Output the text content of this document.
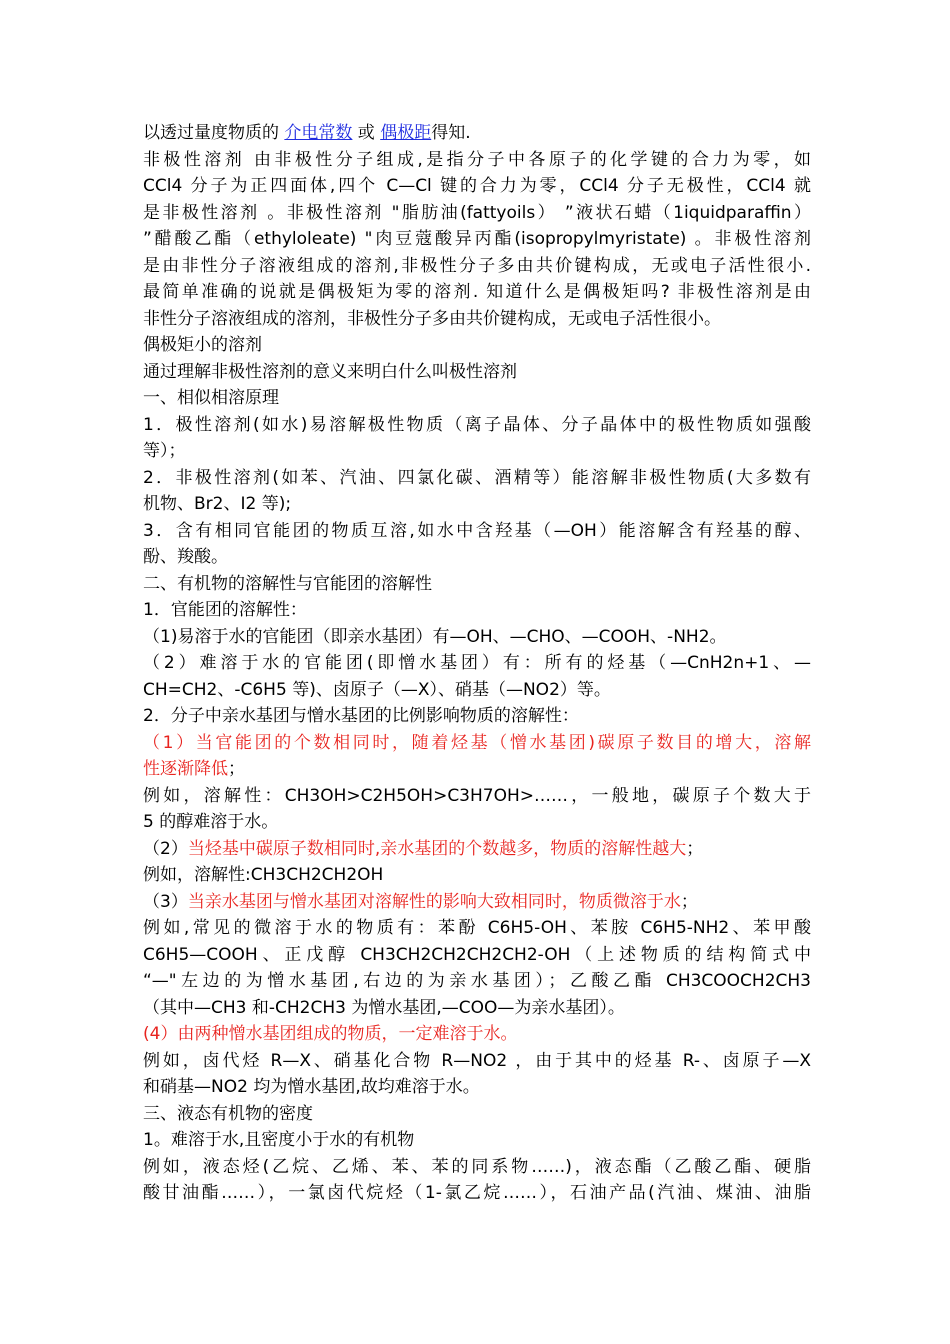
以透过量度物质的 介电常数 或 偶极距得知.
非极性溶剂 由非极性分子组成,是指分子中各原子的化学键的合力为零，如
CCl4 分子为正四面体,四个 C—Cl 键的合力为零，CCl4 分子无极性，CCl4 就
是非极性溶剂 。非极性溶剂 "脂肪油(fattyoils） ”液状石蜡（1iquidparaffin）
”醋酸乙酯（ethyloleate) "肉豆蔻酸异丙酯(isopropylmyristate) 。非极性溶剂
是由非性分子溶液组成的溶剂,非极性分子多由共价键构成，无或电子活性很小.
最简单准确的说就是偶极矩为零的溶剂. 知道什么是偶极矩吗? 非极性溶剂是由
非性分子溶液组成的溶剂，非极性分子多由共价键构成，无或电子活性很小。
偶极矩小的溶剂
通过理解非极性溶剂的意义来明白什么叫极性溶剂
一、相似相溶原理
1．极性溶剂(如水)易溶解极性物质（离子晶体、分子晶体中的极性物质如强酸
等）；
2．非极性溶剂(如苯、汽油、四氯化碳、酒精等）能溶解非极性物质(大多数有
机物、Br2、I2 等);
3．含有相同官能团的物质互溶,如水中含羟基（—OH）能溶解含有羟基的醇、
酚、羧酸。
二、有机物的溶解性与官能团的溶解性
1．官能团的溶解性：
（1)易溶于水的官能团（即亲水基团）有—OH、—CHO、—COOH、-NH2。
（2）难溶于水的官能团(即憎水基团）有：所有的烃基（—CnH2n+1、—
CH=CH2、-C6H5 等)、卤原子（—X）、硝基（—NO2）等。
2．分子中亲水基团与憎水基团的比例影响物质的溶解性：
（1）当官能团的个数相同时，随着烃基（憎水基团)碳原子数目的增大，溶解
性逐渐降低；
例如，溶解性：CH3OH>C2H5OH>C3H7OH>……，一般地，碳原子个数大于
5 的醇难溶于水。
（2）当烃基中碳原子数相同时,亲水基团的个数越多，物质的溶解性越大；
例如，溶解性:CH3CH2CH2OH
（3）当亲水基团与憎水基团对溶解性的影响大致相同时，物质微溶于水；
例如,常见的微溶于水的物质有：苯酚 C6H5-OH、苯胺 C6H5-NH2、苯甲酸
C6H5—COOH、正戊醇 CH3CH2CH2CH2CH2-OH（上述物质的结构简式中
“—"左边的为憎水基团,右边的为亲水基团）；乙酸乙酯 CH3COOCH2CH3
（其中—CH3 和-CH2CH3 为憎水基团,—COO—为亲水基团）。
(4）由两种憎水基团组成的物质，一定难溶于水。
例如，卤代烃 R—X、硝基化合物 R—NO2 ，由于其中的烃基 R-、卤原子—X
和硝基—NO2 均为憎水基团,故均难溶于水。
三、液态有机物的密度
1。难溶于水,且密度小于水的有机物
例如，液态烃(乙烷、乙烯、苯、苯的同系物……)，液态酯（乙酸乙酯、硬脂
酸甘油酯……），一氯卤代烷烃（1-氯乙烷……），石油产品(汽油、煤油、油脂
